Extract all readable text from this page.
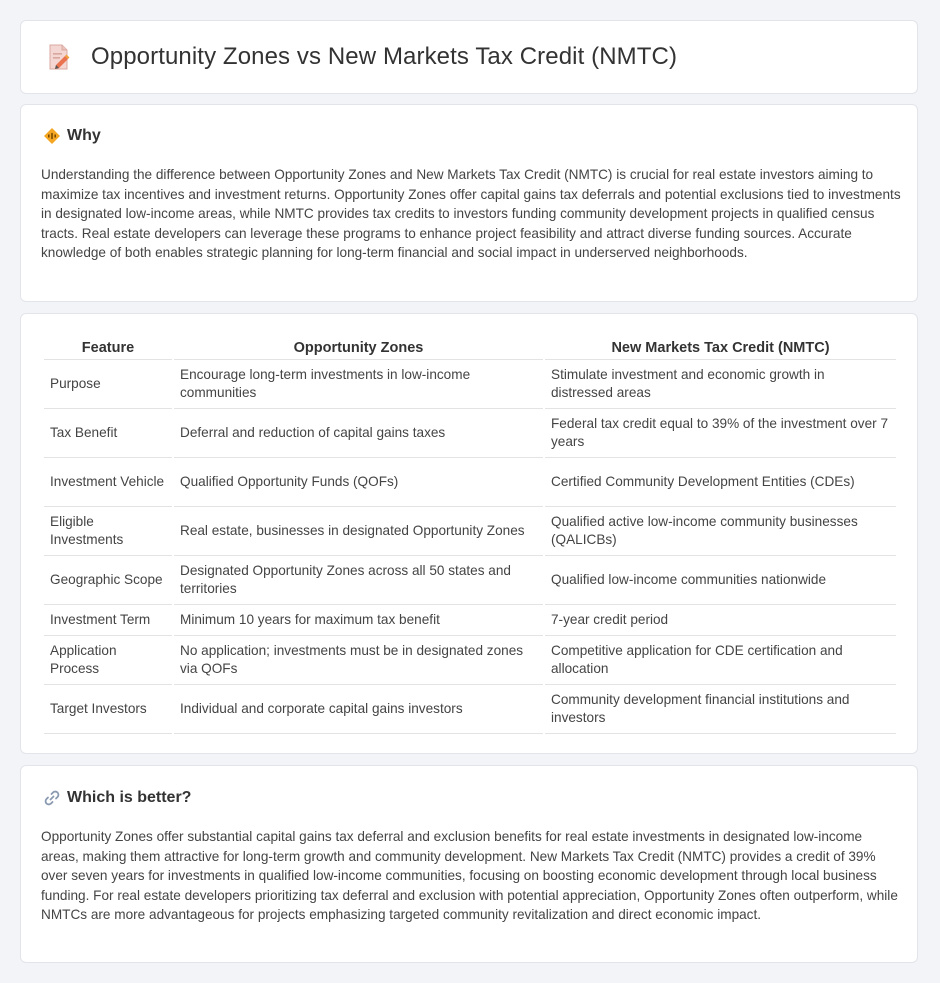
Opportunity Zones vs New Markets Tax Credit (NMTC)
Why

Understanding the difference between Opportunity Zones and New Markets Tax Credit (NMTC) is crucial for real estate investors aiming to maximize tax incentives and investment returns. Opportunity Zones offer capital gains tax deferrals and potential exclusions tied to investments in designated low-income areas, while NMTC provides tax credits to investors funding community development projects in qualified census tracts. Real estate developers can leverage these programs to enhance project feasibility and attract diverse funding sources. Accurate knowledge of both enables strategic planning for long-term financial and social impact in underserved neighborhoods.

Feature	Opportunity Zones	New Markets Tax Credit (NMTC)
Purpose	Encourage long-term investments in low-income communities	Stimulate investment and economic growth in distressed areas
Tax Benefit	Deferral and reduction of capital gains taxes	Federal tax credit equal to 39% of the investment over 7 years
Investment Vehicle	Qualified Opportunity Funds (QOFs)	Certified Community Development Entities (CDEs)
Eligible Investments	Real estate, businesses in designated Opportunity Zones	Qualified active low-income community businesses (QALICBs)
Geographic Scope	Designated Opportunity Zones across all 50 states and territories	Qualified low-income communities nationwide
Investment Term	Minimum 10 years for maximum tax benefit	7-year credit period
Application Process	No application; investments must be in designated zones via QOFs	Competitive application for CDE certification and allocation
Target Investors	Individual and corporate capital gains investors	Community development financial institutions and investors
Which is better?

Opportunity Zones offer substantial capital gains tax deferral and exclusion benefits for real estate investments in designated low-income areas, making them attractive for long-term growth and community development. New Markets Tax Credit (NMTC) provides a credit of 39% over seven years for investments in qualified low-income communities, focusing on boosting economic development through local business funding. For real estate developers prioritizing tax deferral and exclusion with potential appreciation, Opportunity Zones often outperform, while NMTCs are more advantageous for projects emphasizing targeted community revitalization and direct economic impact.
